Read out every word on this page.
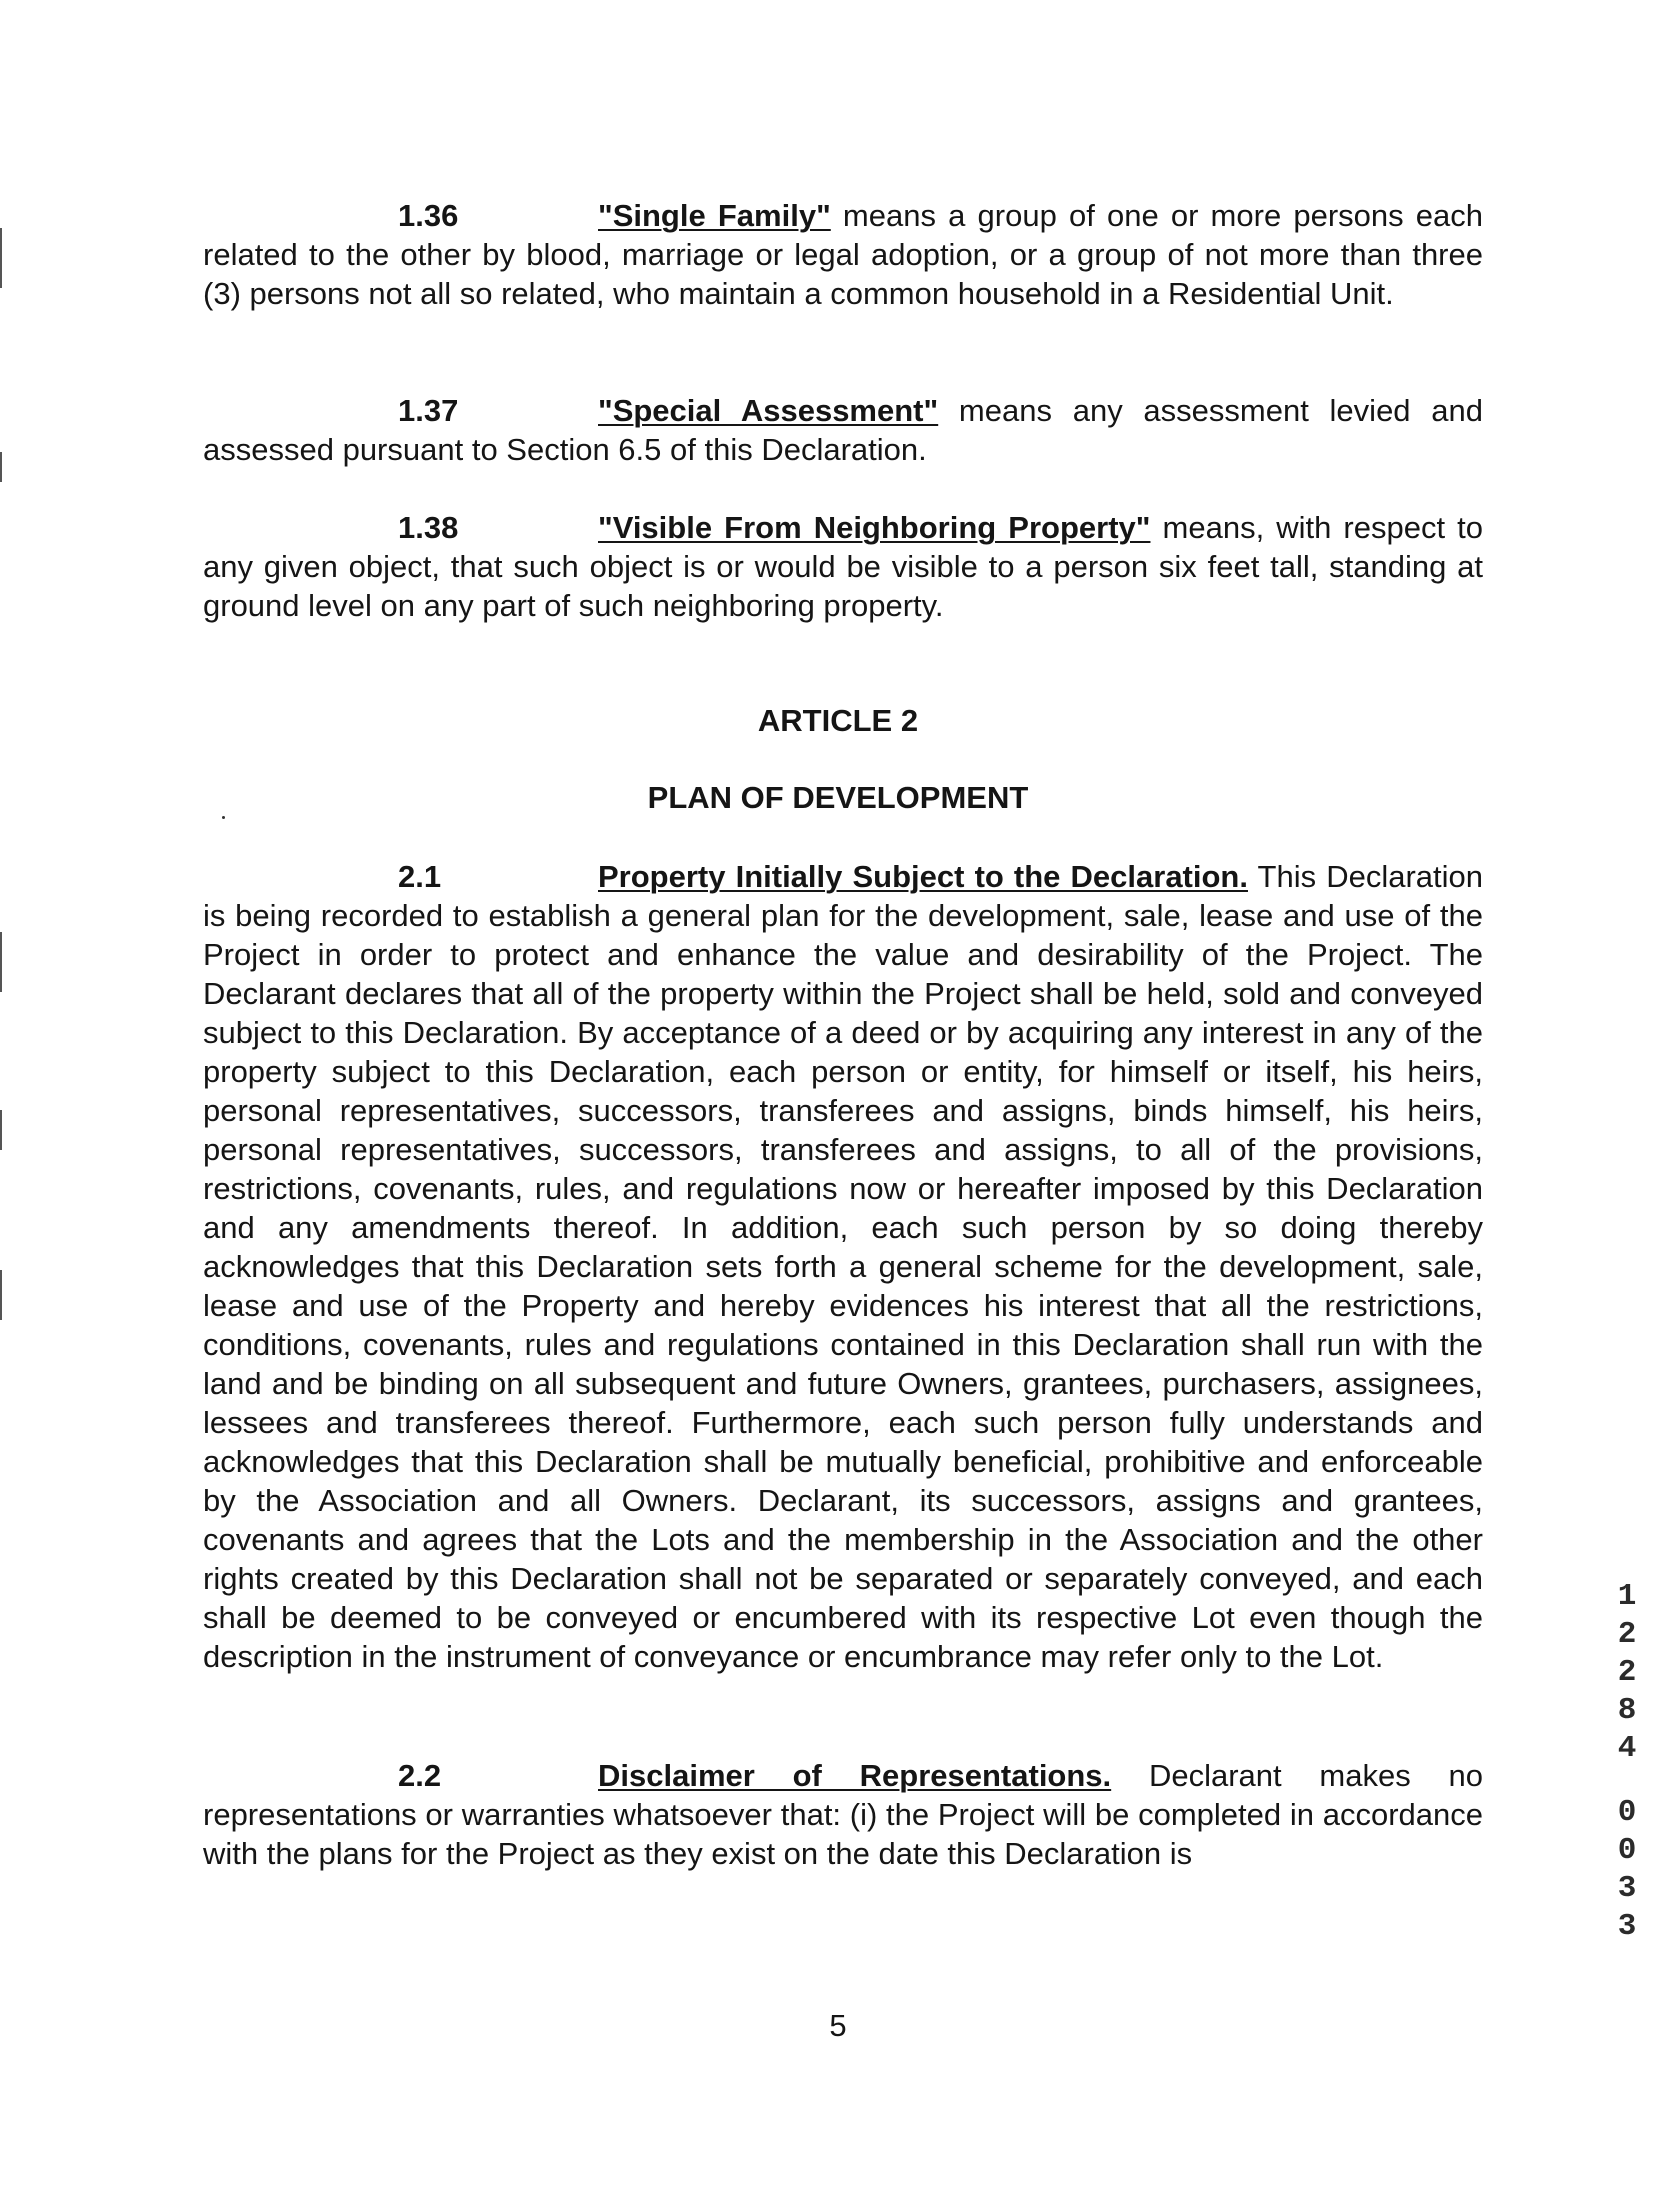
1.36	"Single Family" means a group of one or more persons each related to the other by blood, marriage or legal adoption, or a group of not more than three (3) persons not all so related, who maintain a common household in a Residential Unit.

1.37	"Special Assessment" means any assessment levied and assessed pursuant to Section 6.5 of this Declaration.

1.38	"Visible From Neighboring Property" means, with respect to any given object, that such object is or would be visible to a person six feet tall, standing at ground level on any part of such neighboring property.

ARTICLE 2

PLAN OF DEVELOPMENT

2.1	Property Initially Subject to the Declaration. This Declaration is being recorded to establish a general plan for the development, sale, lease and use of the Project in order to protect and enhance the value and desirability of the Project. The Declarant declares that all of the property within the Project shall be held, sold and conveyed subject to this Declaration. By acceptance of a deed or by acquiring any interest in any of the property subject to this Declaration, each person or entity, for himself or itself, his heirs, personal representatives, successors, transferees and assigns, binds himself, his heirs, personal representatives, successors, transferees and assigns, to all of the provisions, restrictions, covenants, rules, and regulations now or hereafter imposed by this Declaration and any amendments thereof. In addition, each such person by so doing thereby acknowledges that this Declaration sets forth a general scheme for the development, sale, lease and use of the Property and hereby evidences his interest that all the restrictions, conditions, covenants, rules and regulations contained in this Declaration shall run with the land and be binding on all subsequent and future Owners, grantees, purchasers, assignees, lessees and transferees thereof. Furthermore, each such person fully understands and acknowledges that this Declaration shall be mutually beneficial, prohibitive and enforceable by the Association and all Owners. Declarant, its successors, assigns and grantees, covenants and agrees that the Lots and the membership in the Association and the other rights created by this Declaration shall not be separated or separately conveyed, and each shall be deemed to be conveyed or encumbered with its respective Lot even though the description in the instrument of conveyance or encumbrance may refer only to the Lot.

2.2	Disclaimer of Representations. Declarant makes no representations or warranties whatsoever that: (i) the Project will be completed in accordance with the plans for the Project as they exist on the date this Declaration is

5

1
2
2
8
4
0
0
3
3
